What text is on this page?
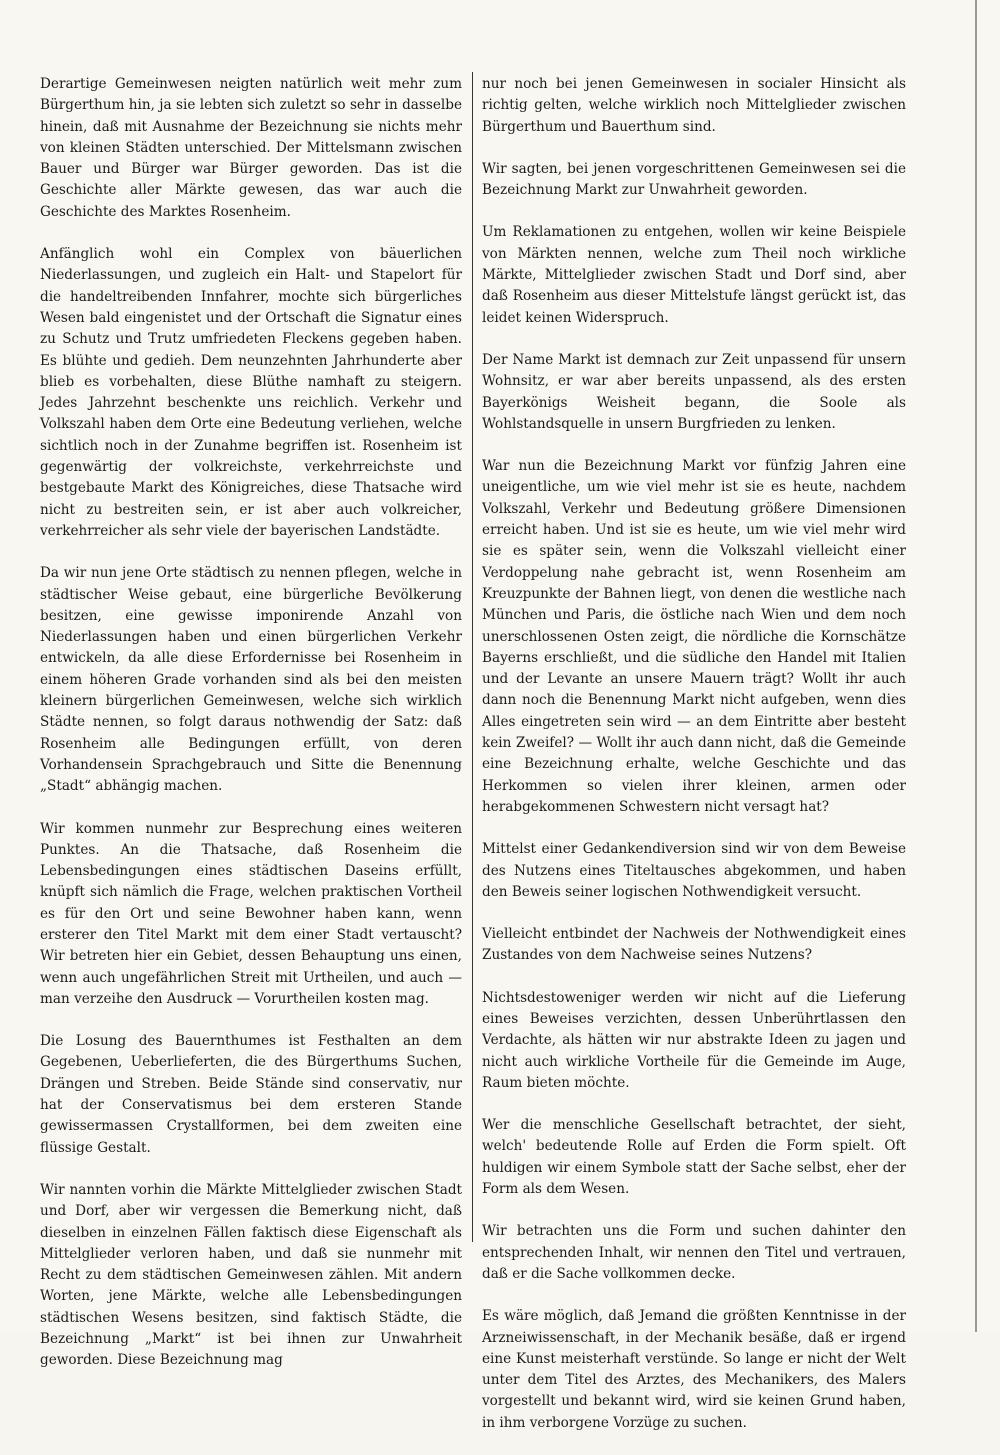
Derartige Gemeinwesen neigten natürlich weit mehr zum Bürgerthum hin, ja sie lebten sich zuletzt so sehr in dasselbe hinein, daß mit Ausnahme der Bezeichnung sie nichts mehr von kleinen Städten unterschied. Der Mittelsmann zwischen Bauer und Bürger war Bürger geworden. Das ist die Geschichte aller Märkte gewesen, das war auch die Geschichte des Marktes Rosenheim.

Anfänglich wohl ein Complex von bäuerlichen Niederlassungen, und zugleich ein Halt- und Stapelort für die handeltreibenden Innfahrer, mochte sich bürgerliches Wesen bald eingenistet und der Ortschaft die Signatur eines zu Schutz und Trutz umfriedeten Fleckens gegeben haben. Es blühte und gedieh. Dem neunzehnten Jahrhunderte aber blieb es vorbehalten, diese Blüthe namhaft zu steigern. Jedes Jahrzehnt beschenkte uns reichlich. Verkehr und Volkszahl haben dem Orte eine Bedeutung verliehen, welche sichtlich noch in der Zunahme begriffen ist. Rosenheim ist gegenwärtig der volkreichste, verkehrreichste und bestgebaute Markt des Königreiches, diese Thatsache wird nicht zu bestreiten sein, er ist aber auch volkreicher, verkehrreicher als sehr viele der bayerischen Landstädte.

Da wir nun jene Orte städtisch zu nennen pflegen, welche in städtischer Weise gebaut, eine bürgerliche Bevölkerung besitzen, eine gewisse imponirende Anzahl von Niederlassungen haben und einen bürgerlichen Verkehr entwickeln, da alle diese Erfordernisse bei Rosenheim in einem höheren Grade vorhanden sind als bei den meisten kleinern bürgerlichen Gemeinwesen, welche sich wirklich Städte nennen, so folgt daraus nothwendig der Satz: daß Rosenheim alle Bedingungen erfüllt, von deren Vorhandensein Sprachgebrauch und Sitte die Benennung „Stadt“ abhängig machen.

Wir kommen nunmehr zur Besprechung eines weiteren Punktes. An die Thatsache, daß Rosenheim die Lebensbedingungen eines städtischen Daseins erfüllt, knüpft sich nämlich die Frage, welchen praktischen Vortheil es für den Ort und seine Bewohner haben kann, wenn ersterer den Titel Markt mit dem einer Stadt vertauscht? Wir betreten hier ein Gebiet, dessen Behauptung uns einen, wenn auch ungefährlichen Streit mit Urtheilen, und auch — man verzeihe den Ausdruck — Vorurtheilen kosten mag.

Die Losung des Bauernthumes ist Festhalten an dem Gegebenen, Ueberlieferten, die des Bürgerthums Suchen, Drängen und Streben. Beide Stände sind conservativ, nur hat der Conservatismus bei dem ersteren Stande gewissermassen Crystallformen, bei dem zweiten eine flüssige Gestalt.

Wir nannten vorhin die Märkte Mittelglieder zwischen Stadt und Dorf, aber wir vergessen die Bemerkung nicht, daß dieselben in einzelnen Fällen faktisch diese Eigenschaft als Mittelglieder verloren haben, und daß sie nunmehr mit Recht zu dem städtischen Gemeinwesen zählen. Mit andern Worten, jene Märkte, welche alle Lebensbedingungen städtischen Wesens besitzen, sind faktisch Städte, die Bezeichnung „Markt“ ist bei ihnen zur Unwahrheit geworden. Diese Bezeichnung mag

nur noch bei jenen Gemeinwesen in socialer Hinsicht als richtig gelten, welche wirklich noch Mittelglieder zwischen Bürgerthum und Bauerthum sind.

Wir sagten, bei jenen vorgeschrittenen Gemeinwesen sei die Bezeichnung Markt zur Unwahrheit geworden.

Um Reklamationen zu entgehen, wollen wir keine Beispiele von Märkten nennen, welche zum Theil noch wirkliche Märkte, Mittelglieder zwischen Stadt und Dorf sind, aber daß Rosenheim aus dieser Mittelstufe längst gerückt ist, das leidet keinen Widerspruch.

Der Name Markt ist demnach zur Zeit unpassend für unsern Wohnsitz, er war aber bereits unpassend, als des ersten Bayerkönigs Weisheit begann, die Soole als Wohlstandsquelle in unsern Burgfrieden zu lenken.

War nun die Bezeichnung Markt vor fünfzig Jahren eine uneigentliche, um wie viel mehr ist sie es heute, nachdem Volkszahl, Verkehr und Bedeutung größere Dimensionen erreicht haben. Und ist sie es heute, um wie viel mehr wird sie es später sein, wenn die Volkszahl vielleicht einer Verdoppelung nahe gebracht ist, wenn Rosenheim am Kreuzpunkte der Bahnen liegt, von denen die westliche nach München und Paris, die östliche nach Wien und dem noch unerschlossenen Osten zeigt, die nördliche die Kornschätze Bayerns erschließt, und die südliche den Handel mit Italien und der Levante an unsere Mauern trägt? Wollt ihr auch dann noch die Benennung Markt nicht aufgeben, wenn dies Alles eingetreten sein wird — an dem Eintritte aber besteht kein Zweifel? — Wollt ihr auch dann nicht, daß die Gemeinde eine Bezeichnung erhalte, welche Geschichte und das Herkommen so vielen ihrer kleinen, armen oder herabgekommenen Schwestern nicht versagt hat?

Mittelst einer Gedankendiversion sind wir von dem Beweise des Nutzens eines Titeltausches abgekommen, und haben den Beweis seiner logischen Nothwendigkeit versucht.

Vielleicht entbindet der Nachweis der Nothwendigkeit eines Zustandes von dem Nachweise seines Nutzens?

Nichtsdestoweniger werden wir nicht auf die Lieferung eines Beweises verzichten, dessen Unberührtlassen den Verdachte, als hätten wir nur abstrakte Ideen zu jagen und nicht auch wirkliche Vortheile für die Gemeinde im Auge, Raum bieten möchte.

Wer die menschliche Gesellschaft betrachtet, der sieht, welch' bedeutende Rolle auf Erden die Form spielt. Oft huldigen wir einem Symbole statt der Sache selbst, eher der Form als dem Wesen.

Wir betrachten uns die Form und suchen dahinter den entsprechenden Inhalt, wir nennen den Titel und vertrauen, daß er die Sache vollkommen decke.

Es wäre möglich, daß Jemand die größten Kenntnisse in der Arzneiwissenschaft, in der Mechanik besäße, daß er irgend eine Kunst meisterhaft verstünde. So lange er nicht der Welt unter dem Titel des Arztes, des Mechanikers, des Malers vorgestellt und bekannt wird, wird sie keinen Grund haben, in ihm verborgene Vorzüge zu suchen.
